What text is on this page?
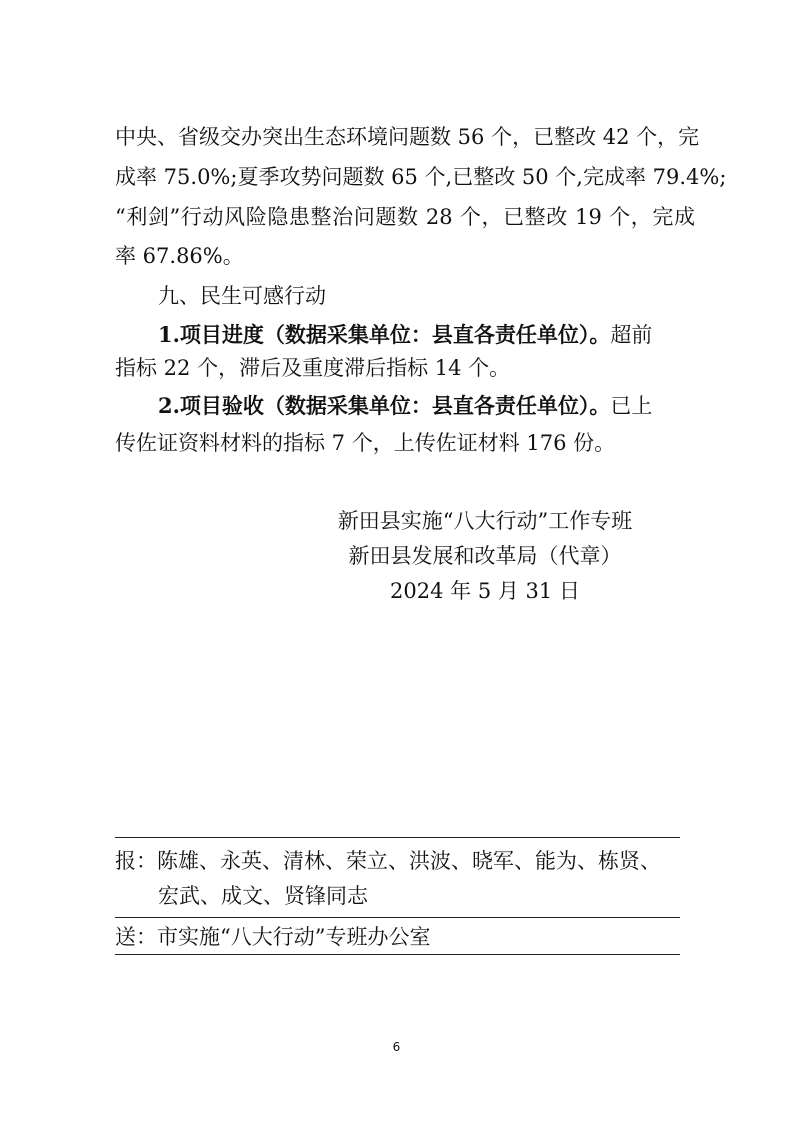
中央、省级交办突出生态环境问题数 56 个，已整改 42 个，完
成率 75.0%;夏季攻势问题数 65 个,已整改 50 个,完成率 79.4%;
“利剑”行动风险隐患整治问题数 28 个，已整改 19 个，完成
率 67.86%。
九、民生可感行动
1.项目进度（数据采集单位：县直各责任单位）。超前
指标 22 个，滞后及重度滞后指标 14 个。
2.项目验收（数据采集单位：县直各责任单位）。已上
传佐证资料材料的指标 7 个，上传佐证材料 176 份。
新田县实施“八大行动”工作专班
新田县发展和改革局（代章）
2024 年 5 月 31 日
报：陈雄、永英、清林、荣立、洪波、晓军、能为、栋贤、
宏武、成文、贤锋同志
送：市实施“八大行动”专班办公室
6
